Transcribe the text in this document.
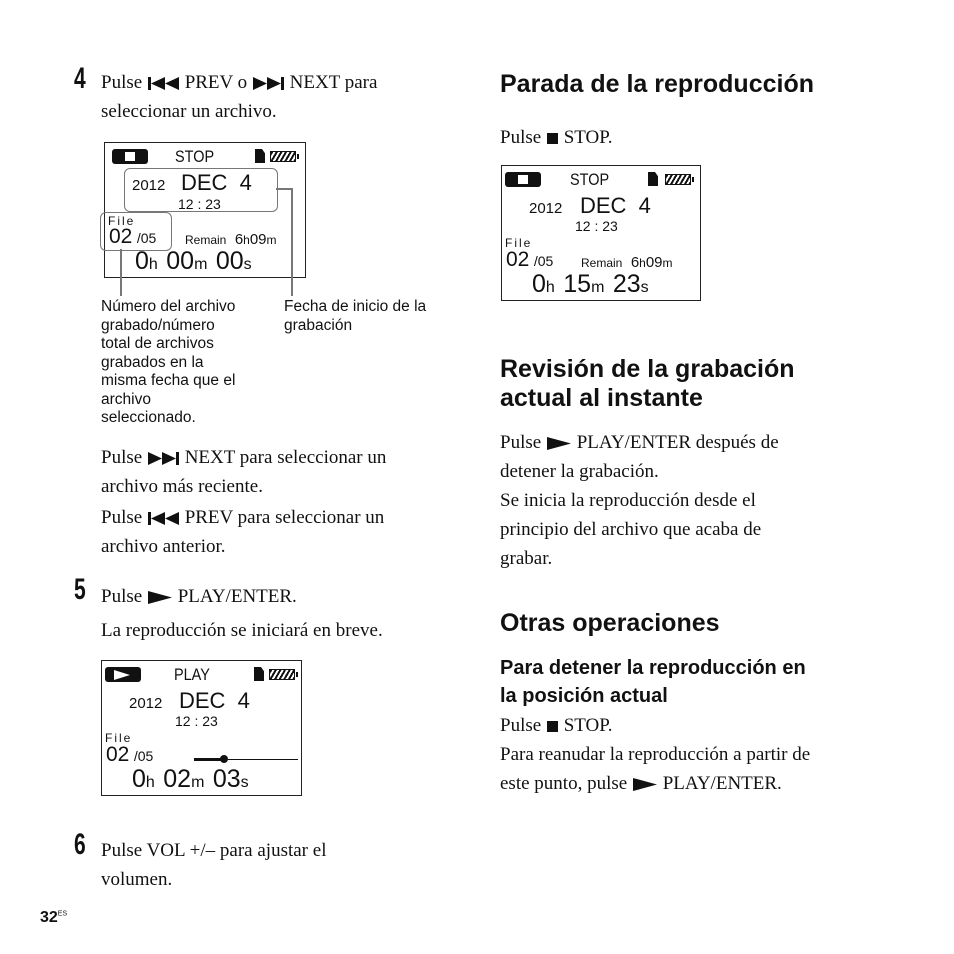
4 Pulse PREV o NEXT para
seleccionar un archivo.
STOP
2012 DEC  4
12 : 23
File
02 /05 Remain 6h09m
0h 00m 00s
Número del archivo
grabado/número
total de archivos
grabados en la
misma fecha que el
archivo
seleccionado.
Fecha de inicio de la
grabación
Pulse NEXT para seleccionar un
archivo más reciente.
Pulse PREV para seleccionar un
archivo anterior.
5 Pulse PLAY/ENTER.
La reproducción se iniciará en breve.
PLAY
2012 DEC  4
12 : 23
File
02 /05
0h 02m 03s
6 Pulse VOL +/– para ajustar el
volumen.
$32^{ES}$
Parada de la reproducción
Pulse STOP.
STOP
2012 DEC  4
12 : 23
File
02 /05 Remain 6h09m
0h 15m 23s
Revisión de la grabación
actual al instante
Pulse PLAY/ENTER después de
detener la grabación.
Se inicia la reproducción desde el
principio del archivo que acaba de
grabar.
Otras operaciones
Para detener la reproducción en
la posición actual
Pulse STOP.
Para reanudar la reproducción a partir de
este punto, pulse PLAY/ENTER.
